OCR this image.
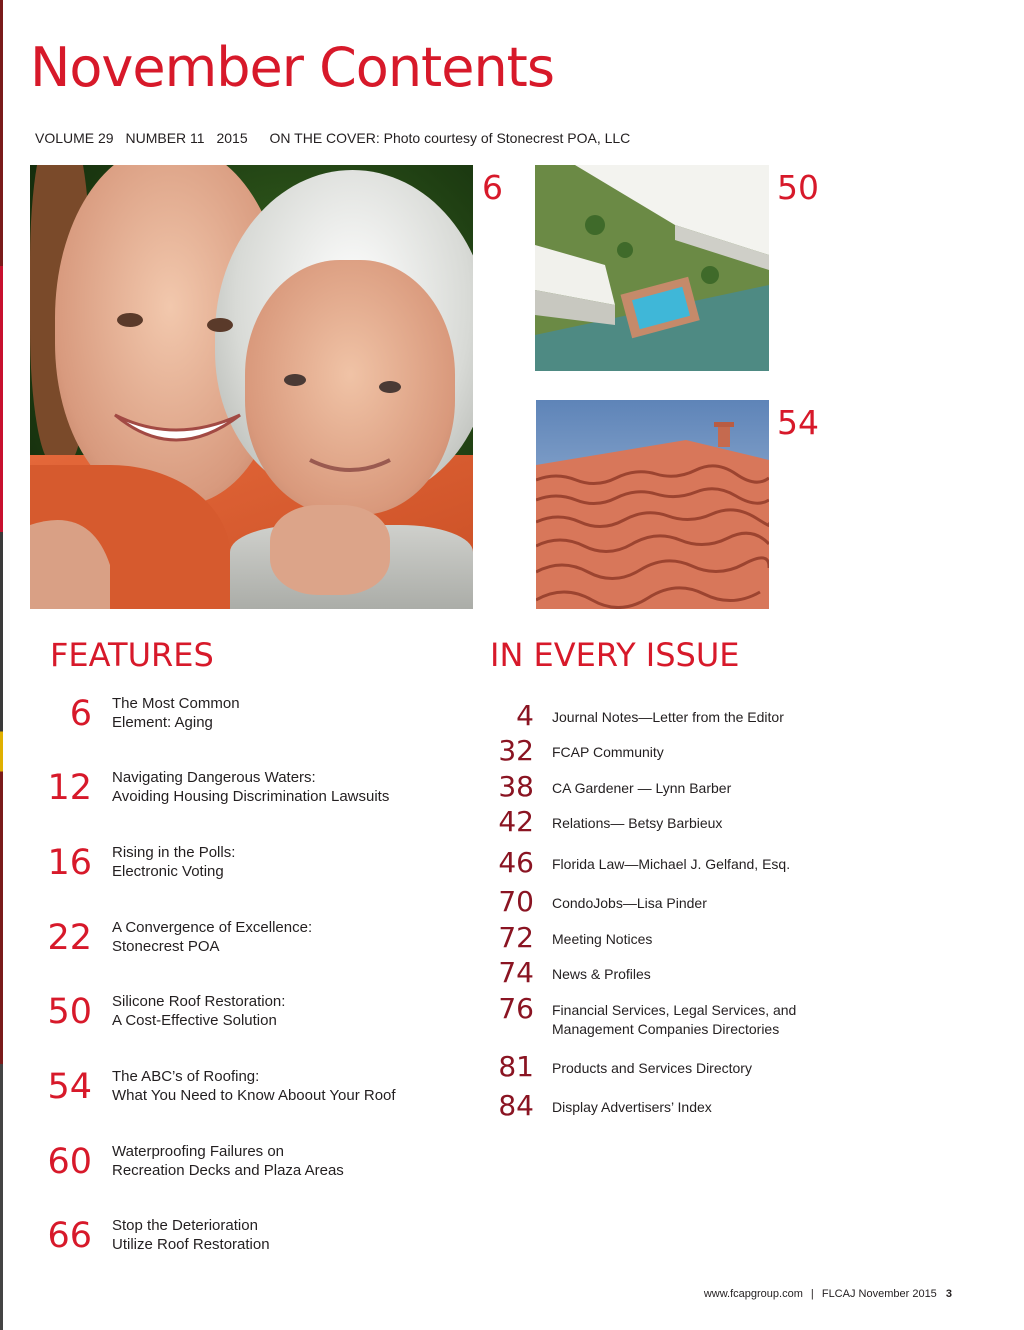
November Contents
VOLUME 29 NUMBER 11 2015 ON THE COVER: Photo courtesy of Stonecrest POA, LLC
6	50
54
FEATURES
6 The Most Common
Element: Aging
12 Navigating Dangerous Waters:
Avoiding Housing Discrimination Lawsuits
16 Rising in the Polls:
Electronic Voting
22 A Convergence of Excellence:
Stonecrest POA
50 Silicone Roof Restoration:
A Cost-Effective Solution
54 The ABC’s of Roofing:
What You Need to Know Aboout Your Roof
60 Waterproofing Failures on
Recreation Decks and Plaza Areas
66 Stop the Deterioration
Utilize Roof Restoration
IN EVERY ISSUE
4 Journal Notes—Letter from the Editor
32 FCAP Community
38 CA Gardener — Lynn Barber
42 Relations— Betsy Barbieux
46 Florida Law—Michael J. Gelfand, Esq.
70 CondoJobs—Lisa Pinder
72 Meeting Notices
74 News & Profiles
76 Financial Services, Legal Services, and
Management Companies Directories
81 Products and Services Directory
84 Display Advertisers’ Index
www.fcapgroup.com | FLCAJ November 2015 3
